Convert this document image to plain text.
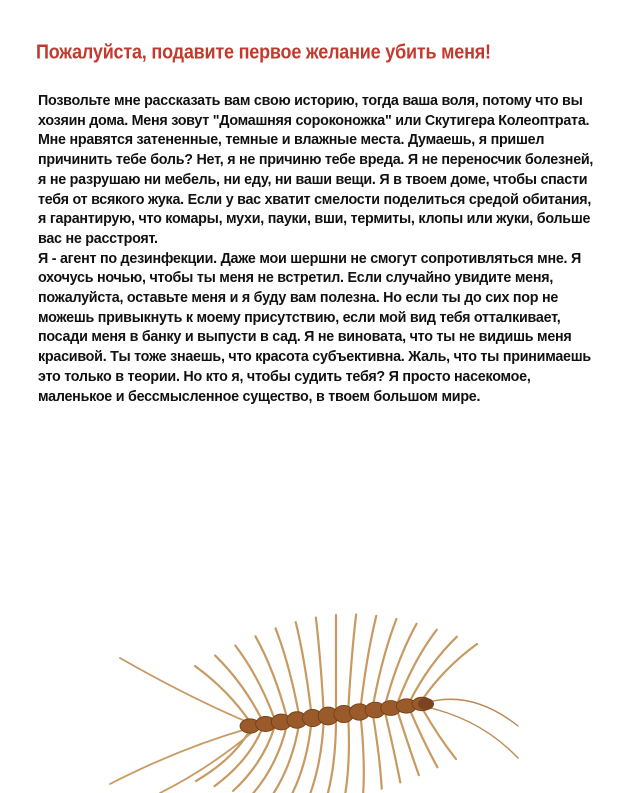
Пожалуйста, подавите первое желание убить меня!

Позвольте мне рассказать вам свою историю, тогда ваша воля, потому что вы хозяин дома. Меня зовут "Домашняя сороконожка" или Скутигера Колеоптрата. Мне нравятся затененные, темные и влажные места. Думаешь, я пришел причинить тебе боль? Нет, я не причиню тебе вреда. Я не переносчик болезней, я не разрушаю ни мебель, ни еду, ни ваши вещи. Я в твоем доме, чтобы спасти тебя от всякого жука. Если у вас хватит смелости поделиться средой обитания, я гарантирую, что комары, мухи, пауки, вши, термиты, клопы или жуки, больше вас не расстроят.

Я - агент по дезинфекции. Даже мои шершни не смогут сопротивляться мне. Я охочусь ночью, чтобы ты меня не встретил. Если случайно увидите меня, пожалуйста, оставьте меня и я буду вам полезна. Но если ты до сих пор не можешь привыкнуть к моему присутствию, если мой вид тебя отталкивает, посади меня в банку и выпусти в сад. Я не виновата, что ты не видишь меня красивой. Ты тоже знаешь, что красота субъективна. Жаль, что ты принимаешь это только в теории. Но кто я, чтобы судить тебя? Я просто насекомое, маленькое и бессмысленное существо, в твоем большом мире.
